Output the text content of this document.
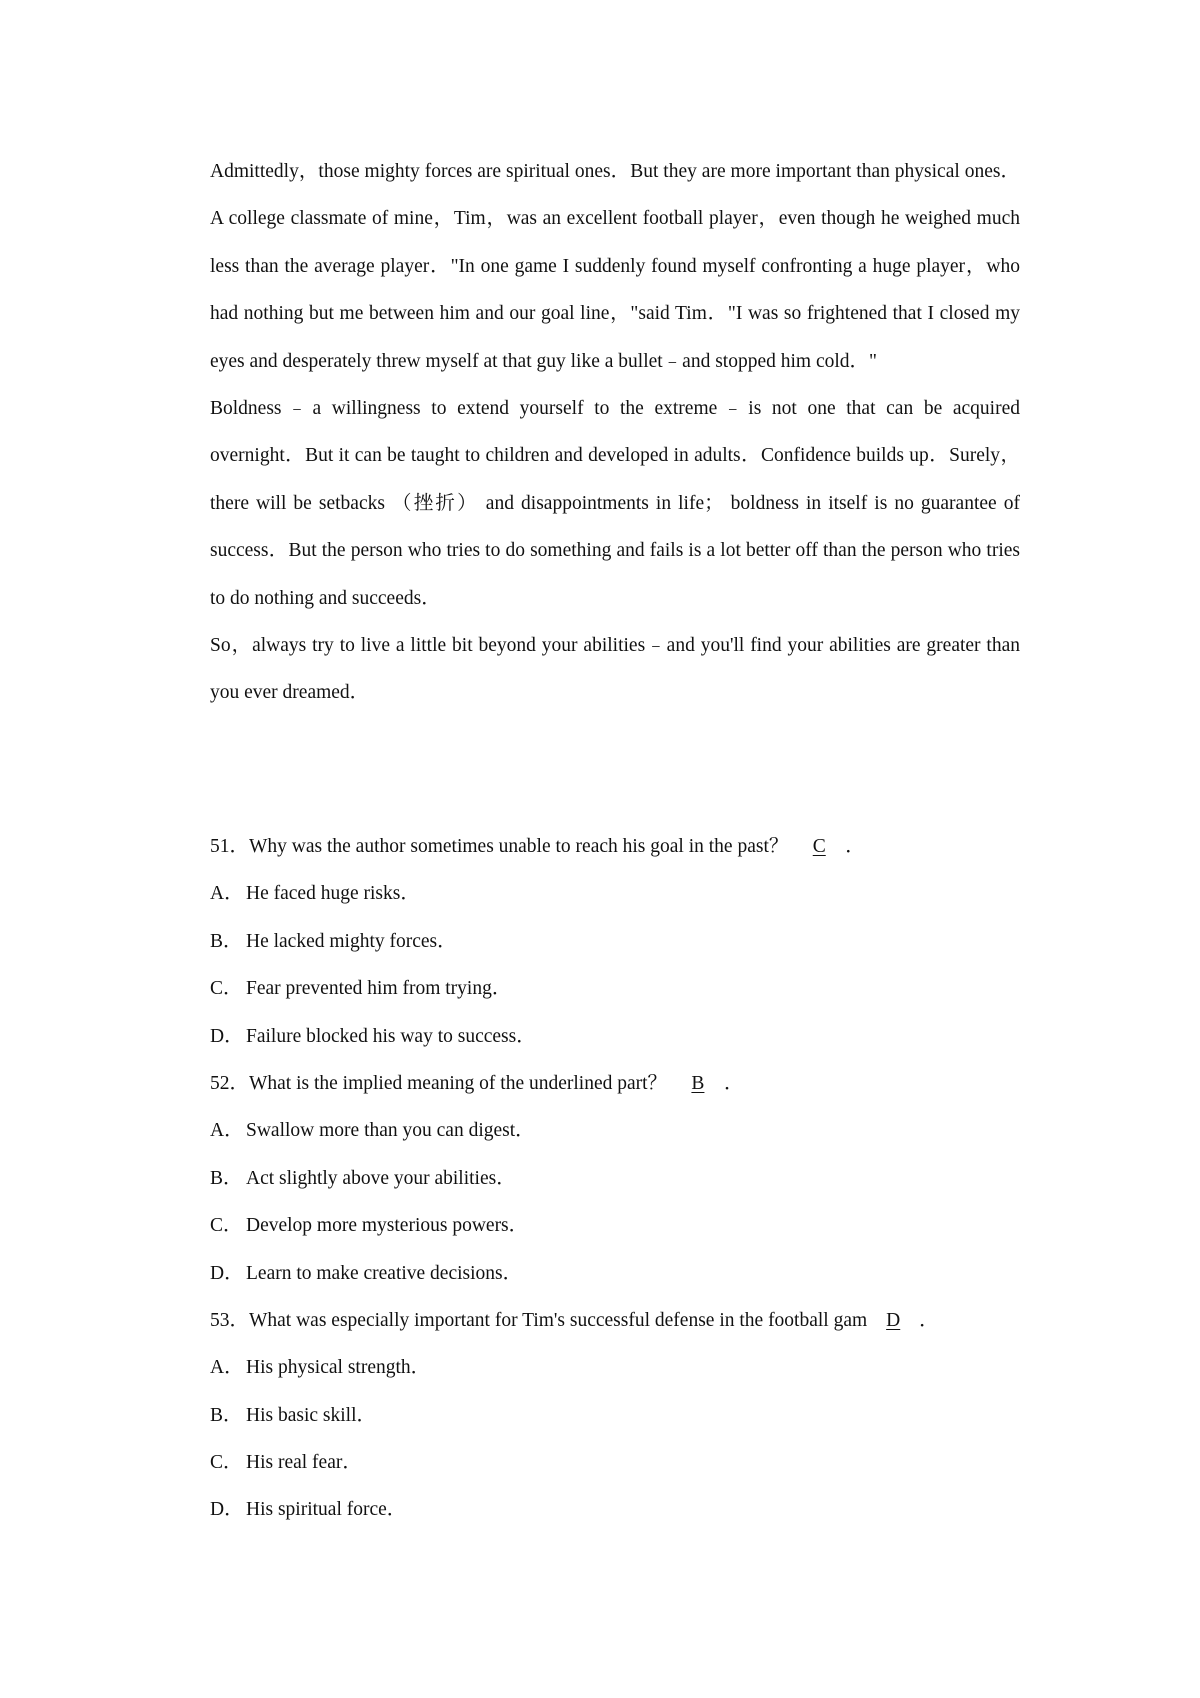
Admittedly，those mighty forces are spiritual ones．But they are more important than physical ones．A college classmate of mine，Tim，was an excellent football player，even though he weighed much less than the average player．"In one game I suddenly found myself confronting a huge player，who had nothing but me between him and our goal line，"said Tim．"I was so frightened that I closed my eyes and desperately threw myself at that guy like a bullet﹣and stopped him cold．"

Boldness﹣a willingness to extend yourself to the extreme﹣is not one that can be acquired overnight．But it can be taught to children and developed in adults．Confidence builds up．Surely，there will be setbacks （挫折） and disappointments in life； boldness in itself is no guarantee of success．But the person who tries to do something and fails is a lot better off than the person who tries to do nothing and succeeds．

So，always try to live a little bit beyond your abilities﹣and you'll find your abilities are greater than you ever dreamed．

51．Why was the author sometimes unable to reach his goal in the past？ C ．
A． He faced huge risks．
B． He lacked mighty forces．
C． Fear prevented him from trying．
D． Failure blocked his way to success．
52．What is the implied meaning of the underlined part？ B ．
A． Swallow more than you can digest．
B． Act slightly above your abilities．
C． Develop more mysterious powers．
D． Learn to make creative decisions．
53．What was especially important for Tim's successful defense in the football gam D ．
A． His physical strength．
B． His basic skill．
C． His real fear．
D． His spiritual force．
